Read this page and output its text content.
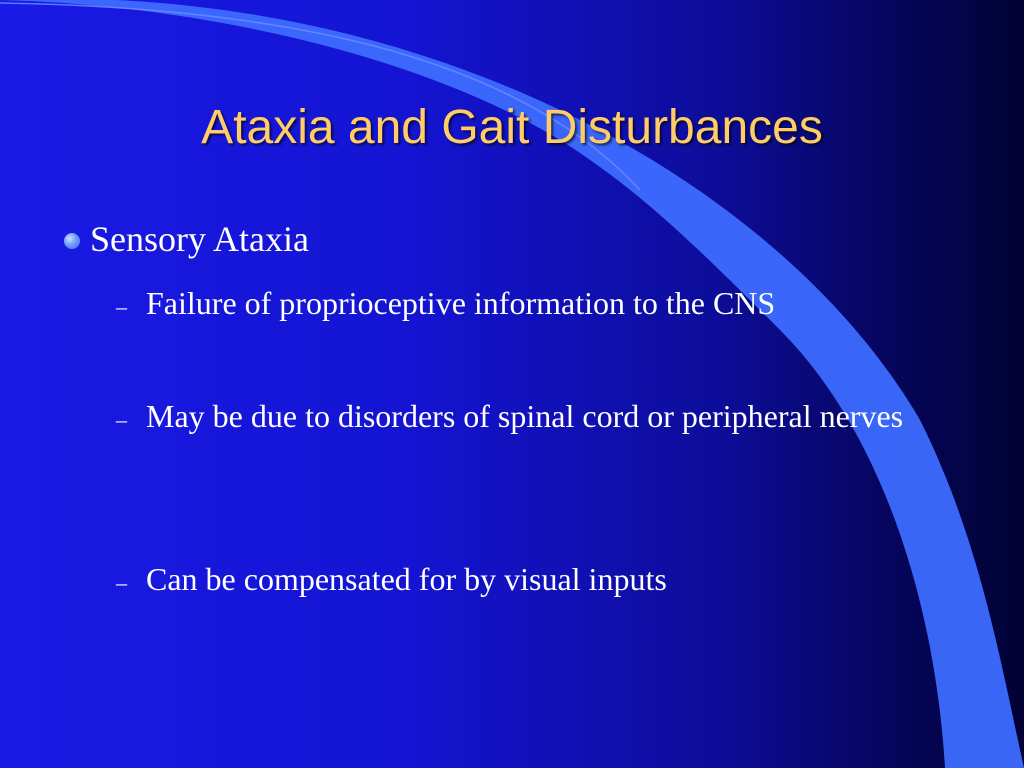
Ataxia and Gait Disturbances
Sensory Ataxia
– Failure of proprioceptive information to the CNS
– May be due to disorders of spinal cord or peripheral nerves
– Can be compensated for by visual inputs
